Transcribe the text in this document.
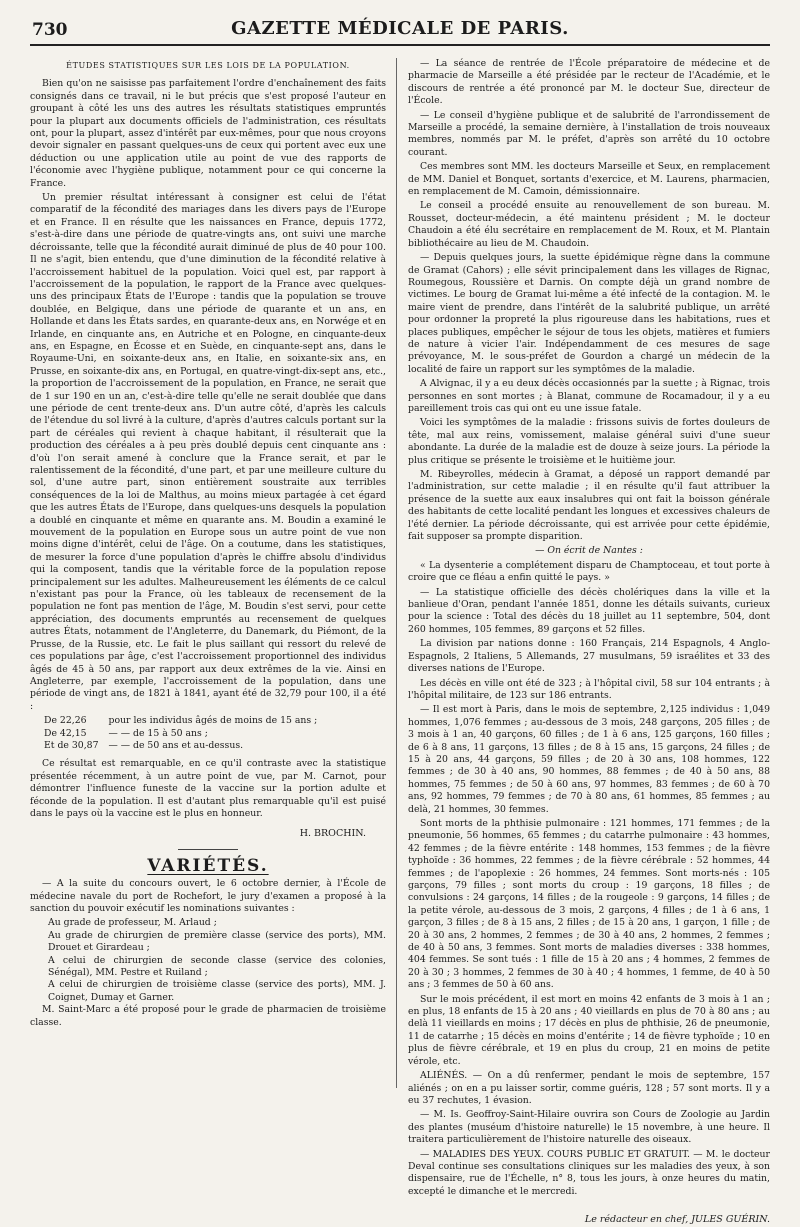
730	GAZETTE MÉDICALE DE PARIS.
ÉTUDES STATISTIQUES SUR LES LOIS DE LA POPULATION.

Bien qu'on ne saisisse pas parfaitement l'ordre d'enchaînement des faits consignés dans ce travail, ni le but précis que s'est proposé l'auteur en groupant à côté les uns des autres les résultats statistiques empruntés pour la plupart aux documents officiels de l'administration, ces résultats ont, pour la plupart, assez d'intérêt par eux-mêmes, pour que nous croyons devoir signaler en passant quelques-uns de ceux qui portent avec eux une déduction ou une application utile au point de vue des rapports de l'économie avec l'hygiène publique, notamment pour ce qui concerne la France.

Un premier résultat intéressant à consigner est celui de l'état comparatif de la fécondité des mariages dans les divers pays de l'Europe et en France. Il en résulte que les naissances en France, depuis 1772, s'est-à-dire dans une période de quatre-vingts ans, ont suivi une marche décroissante, telle que la fécondité aurait diminué de plus de 40 pour 100. Il ne s'agit, bien entendu, que d'une diminution de la fécondité relative à l'accroissement habituel de la population. Voici quel est, par rapport à l'accroissement de la population, le rapport de la France avec quelques-uns des principaux États de l'Europe : tandis que la population se trouve doublée, en Belgique, dans une période de quarante et un ans, en Hollande et dans les États sardes, en quarante-deux ans, en Norwége et en Irlande, en cinquante ans, en Autriche et en Pologne, en cinquante-deux ans, en Espagne, en Écosse et en Suède, en cinquante-sept ans, dans le Royaume-Uni, en soixante-deux ans, en Italie, en soixante-six ans, en Prusse, en soixante-dix ans, en Portugal, en quatre-vingt-dix-sept ans, etc., la proportion de l'accroissement de la population, en France, ne serait que de 1 sur 190 en un an, c'est-à-dire telle qu'elle ne serait doublée que dans une période de cent trente-deux ans. D'un autre côté, d'après les calculs de l'étendue du sol livré à la culture, d'après d'autres calculs portant sur la part de céréales qui revient à chaque habitant, il résulterait que la production des céréales a à peu près doublé depuis cent cinquante ans : d'où l'on serait amené à conclure que la France serait, et par le ralentissement de la fécondité, d'une part, et par une meilleure culture du sol, d'une autre part, sinon entièrement soustraite aux terribles conséquences de la loi de Malthus, au moins mieux partagée à cet égard que les autres États de l'Europe, dans quelques-uns desquels la population a doublé en cinquante et même en quarante ans. M. Boudin a examiné le mouvement de la population en Europe sous un autre point de vue non moins digne d'intérêt, celui de l'âge. On a coutume, dans les statistiques, de mesurer la force d'une population d'après le chiffre absolu d'individus qui la composent, tandis que la véritable force de la population repose principalement sur les adultes. Malheureusement les éléments de ce calcul n'existant pas pour la France, où les tableaux de recensement de la population ne font pas mention de l'âge, M. Boudin s'est servi, pour cette appréciation, des documents empruntés au recensement de quelques autres États, notamment de l'Angleterre, du Danemark, du Piémont, de la Prusse, de la Russie, etc. Le fait le plus saillant qui ressort du relevé de ces populations par âge, c'est l'accroissement proportionnel des individus âgés de 45 à 50 ans, par rapport aux deux extrêmes de la vie. Ainsi en Angleterre, par exemple, l'accroissement de la population, dans une période de vingt ans, de 1821 à 1841, ayant été de 32,79 pour 100, il a été :

De 22,26	pour les individus âgés de moins de 15 ans ;
De 42,15	— — de 15 à 50 ans ;
Et de 30,87	— — de 50 ans et au-dessus.

Ce résultat est remarquable, en ce qu'il contraste avec la statistique présentée récemment, à un autre point de vue, par M. Carnot, pour démontrer l'influence funeste de la vaccine sur la portion adulte et féconde de la population. Il est d'autant plus remarquable qu'il est puisé dans le pays où la vaccine est le plus en honneur.

H. BROCHIN.
VARIÉTÉS.

— A la suite du concours ouvert, le 6 octobre dernier, à l'École de médecine navale du port de Rochefort, le jury d'examen a proposé à la sanction du pouvoir exécutif les nominations suivantes :

Au grade de professeur, M. Arlaud ;

Au grade de chirurgien de première classe (service des ports), MM. Drouet et Girardeau ;

A celui de chirurgien de seconde classe (service des colonies, Sénégal), MM. Pestre et Ruiland ;

A celui de chirurgien de troisième classe (service des ports), MM. J. Coignet, Dumay et Garner.

M. Saint-Marc a été proposé pour le grade de pharmacien de troisième classe.

— La séance de rentrée de l'École préparatoire de médecine et de pharmacie de Marseille a été présidée par le recteur de l'Académie, et le discours de rentrée a été prononcé par M. le docteur Sue, directeur de l'École.

— Le conseil d'hygiène publique et de salubrité de l'arrondissement de Marseille a procédé, la semaine dernière, à l'installation de trois nouveaux membres, nommés par M. le préfet, d'après son arrêté du 10 octobre courant.

Ces membres sont MM. les docteurs Marseille et Seux, en remplacement de MM. Daniel et Bonquet, sortants d'exercice, et M. Laurens, pharmacien, en remplacement de M. Camoin, démissionnaire.

Le conseil a procédé ensuite au renouvellement de son bureau. M. Rousset, docteur-médecin, a été maintenu président ; M. le docteur Chaudoin a été élu secrétaire en remplacement de M. Roux, et M. Plantain bibliothécaire au lieu de M. Chaudoin.

— Depuis quelques jours, la suette épidémique règne dans la commune de Gramat (Cahors) ; elle sévit principalement dans les villages de Rignac, Roumegous, Roussière et Darnis. On compte déjà un grand nombre de victimes. Le bourg de Gramat lui-même a été infecté de la contagion. M. le maire vient de prendre, dans l'intérêt de la salubrité publique, un arrêté pour ordonner la propreté la plus rigoureuse dans les habitations, rues et places publiques, empêcher le séjour de tous les objets, matières et fumiers de nature à vicier l'air. Indépendamment de ces mesures de sage prévoyance, M. le sous-préfet de Gourdon a chargé un médecin de la localité de faire un rapport sur les symptômes de la maladie.

A Alvignac, il y a eu deux décès occasionnés par la suette ; à Rignac, trois personnes en sont mortes ; à Blanat, commune de Rocamadour, il y a eu pareillement trois cas qui ont eu une issue fatale.

Voici les symptômes de la maladie : frissons suivis de fortes douleurs de tête, mal aux reins, vomissement, malaise général suivi d'une sueur abondante. La durée de la maladie est de douze à seize jours. La période la plus critique se présente le troisième et le huitième jour.

M. Ribeyrolles, médecin à Gramat, a déposé un rapport demandé par l'administration, sur cette maladie ; il en résulte qu'il faut attribuer la présence de la suette aux eaux insalubres qui ont fait la boisson générale des habitants de cette localité pendant les longues et excessives chaleurs de l'été dernier. La période décroissante, qui est arrivée pour cette épidémie, fait supposer sa prompte disparition.

— On écrit de Nantes :

« La dysenterie a complétement disparu de Champtoceau, et tout porte à croire que ce fléau a enfin quitté le pays. »

— La statistique officielle des décès cholériques dans la ville et la banlieue d'Oran, pendant l'année 1851, donne les détails suivants, curieux pour la science : Total des décès du 18 juillet au 11 septembre, 504, dont 260 hommes, 105 femmes, 89 garçons et 52 filles.

La division par nations donne : 160 Français, 214 Espagnols, 4 Anglo-Espagnols, 2 Italiens, 5 Allemands, 27 musulmans, 59 israélites et 33 des diverses nations de l'Europe.

Les décès en ville ont été de 323 ; à l'hôpital civil, 58 sur 104 entrants ; à l'hôpital militaire, de 123 sur 186 entrants.

— Il est mort à Paris, dans le mois de septembre, 2,125 individus : 1,049 hommes, 1,076 femmes ; au-dessous de 3 mois, 248 garçons, 205 filles ; de 3 mois à 1 an, 40 garçons, 60 filles ; de 1 à 6 ans, 125 garçons, 160 filles ; de 6 à 8 ans, 11 garçons, 13 filles ; de 8 à 15 ans, 15 garçons, 24 filles ; de 15 à 20 ans, 44 garçons, 59 filles ; de 20 à 30 ans, 108 hommes, 122 femmes ; de 30 à 40 ans, 90 hommes, 88 femmes ; de 40 à 50 ans, 88 hommes, 75 femmes ; de 50 à 60 ans, 97 hommes, 83 femmes ; de 60 à 70 ans, 92 hommes, 79 femmes ; de 70 à 80 ans, 61 hommes, 85 femmes ; au delà, 21 hommes, 30 femmes.

Sont morts de la phthisie pulmonaire : 121 hommes, 171 femmes ; de la pneumonie, 56 hommes, 65 femmes ; du catarrhe pulmonaire : 43 hommes, 42 femmes ; de la fièvre entérite : 148 hommes, 153 femmes ; de la fièvre typhoïde : 36 hommes, 22 femmes ; de la fièvre cérébrale : 52 hommes, 44 femmes ; de l'apoplexie : 26 hommes, 24 femmes. Sont morts-nés : 105 garçons, 79 filles ; sont morts du croup : 19 garçons, 18 filles ; de convulsions : 24 garçons, 14 filles ; de la rougeole : 9 garçons, 14 filles ; de la petite vérole, au-dessous de 3 mois, 2 garçons, 4 filles ; de 1 à 6 ans, 1 garçon, 3 filles ; de 8 à 15 ans, 2 filles ; de 15 à 20 ans, 1 garçon, 1 fille ; de 20 à 30 ans, 2 hommes, 2 femmes ; de 30 à 40 ans, 2 hommes, 2 femmes ; de 40 à 50 ans, 3 femmes. Sont morts de maladies diverses : 338 hommes, 404 femmes. Se sont tués : 1 fille de 15 à 20 ans ; 4 hommes, 2 femmes de 20 à 30 ; 3 hommes, 2 femmes de 30 à 40 ; 4 hommes, 1 femme, de 40 à 50 ans ; 3 femmes de 50 à 60 ans.

Sur le mois précédent, il est mort en moins 42 enfants de 3 mois à 1 an ; en plus, 18 enfants de 15 à 20 ans ; 40 vieillards en plus de 70 à 80 ans ; au delà 11 vieillards en moins ; 17 décès en plus de phthisie, 26 de pneumonie, 11 de catarrhe ; 15 décès en moins d'entérite ; 14 de fièvre typhoïde ; 10 en plus de fièvre cérébrale, et 19 en plus du croup, 21 en moins de petite vérole, etc.

ALIÉNÉS. — On a dû renfermer, pendant le mois de septembre, 157 aliénés ; on en a pu laisser sortir, comme guéris, 128 ; 57 sont morts. Il y a eu 37 rechutes, 1 évasion.

— M. Is. Geoffroy-Saint-Hilaire ouvrira son Cours de Zoologie au Jardin des plantes (muséum d'histoire naturelle) le 15 novembre, à une heure. Il traitera particulièrement de l'histoire naturelle des oiseaux.

— MALADIES DES YEUX. COURS PUBLIC ET GRATUIT. — M. le docteur Deval continue ses consultations cliniques sur les maladies des yeux, à son dispensaire, rue de l'Échelle, n° 8, tous les jours, à onze heures du matin, excepté le dimanche et le mercredi.

Le rédacteur en chef, JULES GUÉRIN.
